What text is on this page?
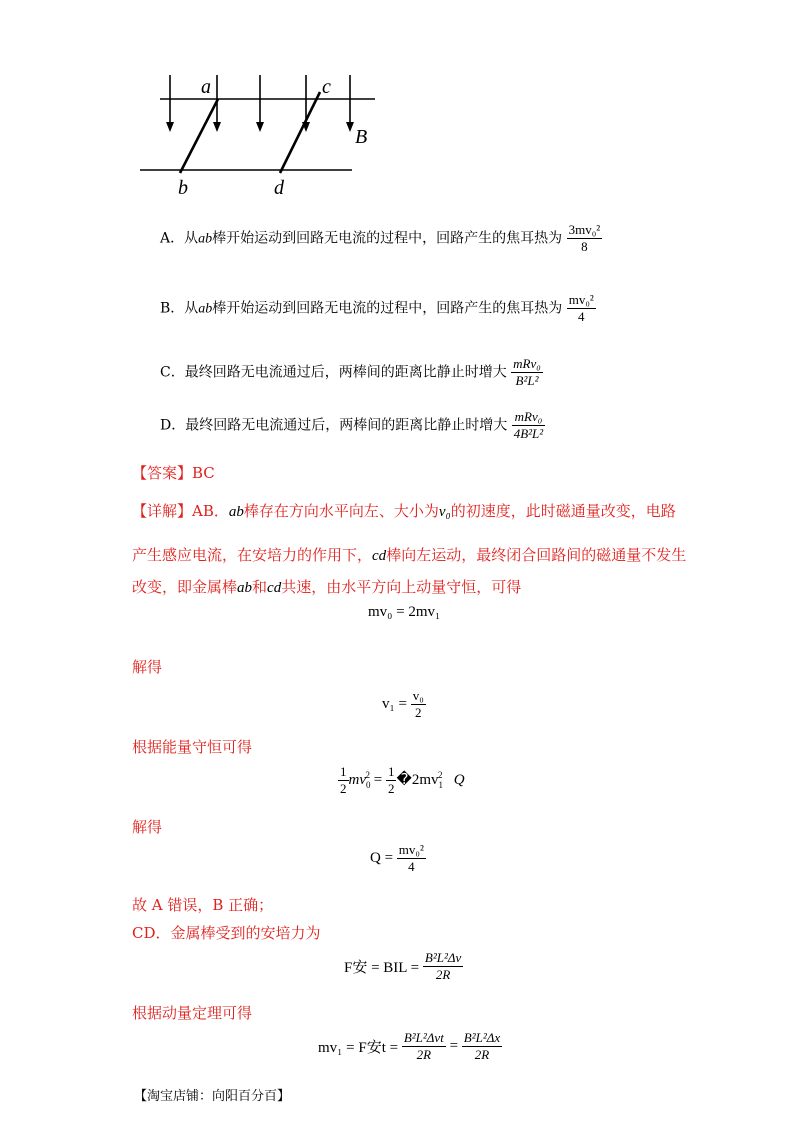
a	c
B
b	d
A．从ab棒开始运动到回路无电流的过程中，回路产生的焦耳热为 $\frac{\text{3mv₀²}}{8}$
B．从ab棒开始运动到回路无电流的过程中，回路产生的焦耳热为 $\frac{\text{mv₀²}}{4}$
C．最终回路无电流通过后，两棒间的距离比静止时增大 $\frac{\text{mRv₀}}{\text{B²L²}}$
D．最终回路无电流通过后，两棒间的距离比静止时增大 $\frac{\text{mRv₀}}{\text{4B²L²}}$
【答案】BC
【详解】AB．ab棒存在方向水平向左、大小为v₀的初速度，此时磁通量改变，电路
产生感应电流，在安培力的作用下，cd棒向左运动，最终闭合回路间的磁通量不发生
改变，即金属棒ab和cd共速，由水平方向上动量守恒，可得
mv₀ = 2mv₁
解得
$v_1 = \frac{\text{v₀}}{2}$
根据能量守恒可得
$\frac{1}{2} mv_0^2 = \frac{1}{2}$ $�2mv_1^2$ Q
解得
$Q = \frac{\text{mv₀²}}{4}$
故 A 错误，B 正确；
CD．金属棒受到的安培力为
F安 = BIL = $\frac{\text{B²L²Δv}}{2R}$
根据动量定理可得
mv₁ = F安$t = \frac{\text{B²L²Δvt}}{2R} = \frac{\text{B²L²Δx}}{2R}$
【淘宝店铺：向阳百分百】
